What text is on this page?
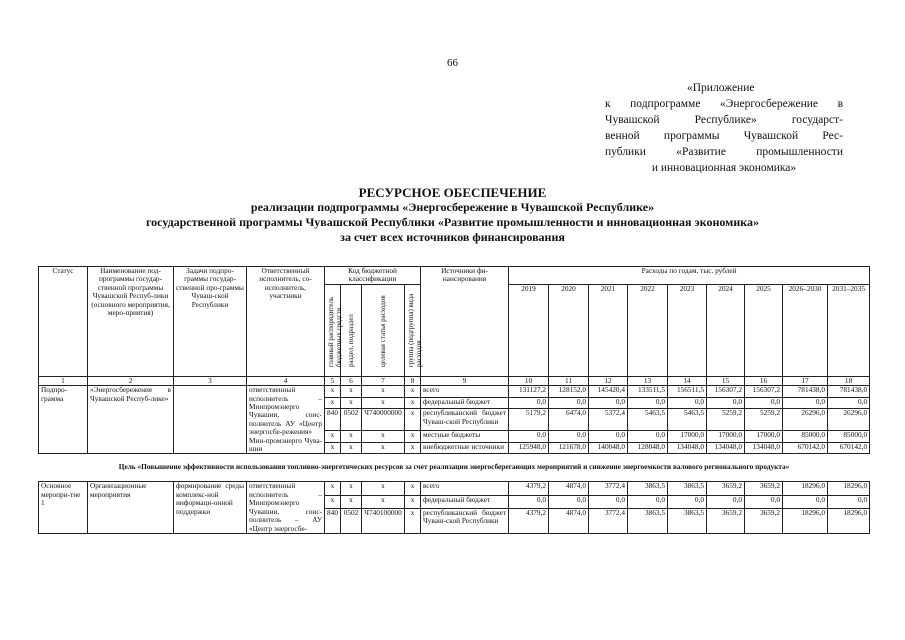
66
«Приложение
к подпрограмме «Энергосбережение в
Чувашской Республике» государст-
венной программы Чувашской Рес-
публики «Развитие промышленности
и инновационная экономика»
РЕСУРСНОЕ ОБЕСПЕЧЕНИЕ
реализации подпрограммы «Энергосбережение в Чувашской Республике»
государственной программы Чувашской Республики «Развитие промышленности и инновационная экономика»
за счет всех источников финансирования
Статус	Наименование под-программы государ-ственной программы Чувашской Респуб-лики (основного мероприятия, меро-приятия)	Задачи подпро-граммы государ-ственной про-граммы Чуваш-ской Республики	Ответственный исполнитель, со-исполнитель, участники	Код бюджетной классификации				Источники фи-нансирования	Расходы по годам, тыс. рублей								

				главный распорядитель бюджетных средств	раздел, подраздел	целевая статья расходов	группа (подгруппа) вида расходов		2019	2020	2021	2022	2023	2024	2025	2026–2030	2031–2035
1	2	3	4	5	6	7	8	9	10	11	12	13	14	15	16	17	18
Подпро-грамма	«Энергосбережение в Чувашской Респуб-лике»		ответственный исполнитель – Минпромэнерго Чувашии, соис-полнитель АУ «Центр энергосбе-режения» Мин-промэнерго Чува-шии	x	x	x	x	всего	131127,2	128152,0	145420,4	133511,5	156511,5	156307,2	156307,2	781438,0	781438,0
				x	x	x	x	федеральный бюджет	0,0	0,0	0,0	0,0	0,0	0,0	0,0	0,0	0,0
				840	0502	Ч740000000	x	республиканский бюджет Чуваш-ской Республики	5179,2	6474,0	5372,4	5463,5	5463,5	5259,2	5259,2	26296,0	26296,0
				x	x	x	x	местные бюджеты	0,0	0,0	0,0	0,0	17000,0	17000,0	17000,0	85000,0	85000,0
				x	x	x	x	внебюджетные источники	125948,0	121678,0	140048,0	128048,0	134048,0	134048,0	134048,0	670142,0	670142,0
Цель «Повышение эффективности использования топливно-энергетических ресурсов за счет реализации энергосберегающих мероприятий и снижение энергоемкости валового регионального продукта»																	
Основное меропри-тие 1	Организационные мероприятия	формирование среды комплекс-ной информаци-онной поддержки	ответственный исполнитель – Минпромэнерго Чувашии, соис-полнитель – АУ «Центр энергосбе-	x	x	x	x	всего	4379,2	4874,0	3772,4	3863,5	3863,5	3659,2	3659,2	18296,0	18296,0
				x	x	x	x	федеральный бюджет	0,0	0,0	0,0	0,0	0,0	0,0	0,0	0,0	0,0
				840	0502	Ч740100000	x	республиканский бюджет Чуваш-ской Республики	4379,2	4874,0	3772,4	3863,5	3863,5	3659,2	3659,2	18296,0	18296,0
